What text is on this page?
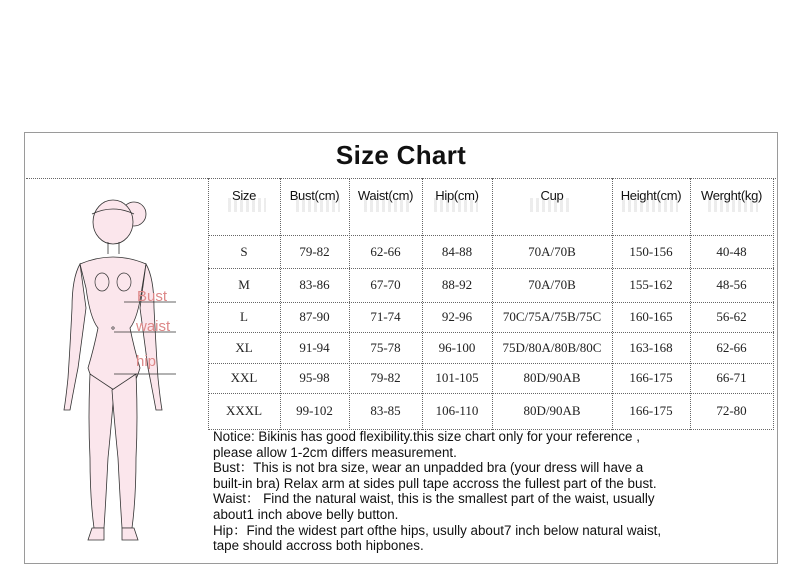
Size Chart
Bust
waist
hip
Size	Bust(cm)	Waist(cm)	Hip(cm)	Cup	Height(cm)	Werght(kg)
S	79-82	62-66	84-88	70A/70B	150-156	40-48
M	83-86	67-70	88-92	70A/70B	155-162	48-56
L	87-90	71-74	92-96	70C/75A/75B/75C	160-165	56-62
XL	91-94	75-78	96-100	75D/80A/80B/80C	163-168	62-66
XXL	95-98	79-82	101-105	80D/90AB	166-175	66-71
XXXL	99-102	83-85	106-110	80D/90AB	166-175	72-80
Notice: Bikinis has good flexibility.this size chart only for your reference ,
please allow 1-2cm differs measurement.
Bust：This is not bra size, wear an unpadded bra (your dress will have a
built-in bra) Relax arm at sides pull tape accross the fullest part of the bust.
Waist： Find the natural waist, this is the smallest part of the waist, usually
about1 inch above belly button.
Hip：Find the widest part ofthe hips, usully about7 inch below natural waist,
tape should accross both hipbones.
